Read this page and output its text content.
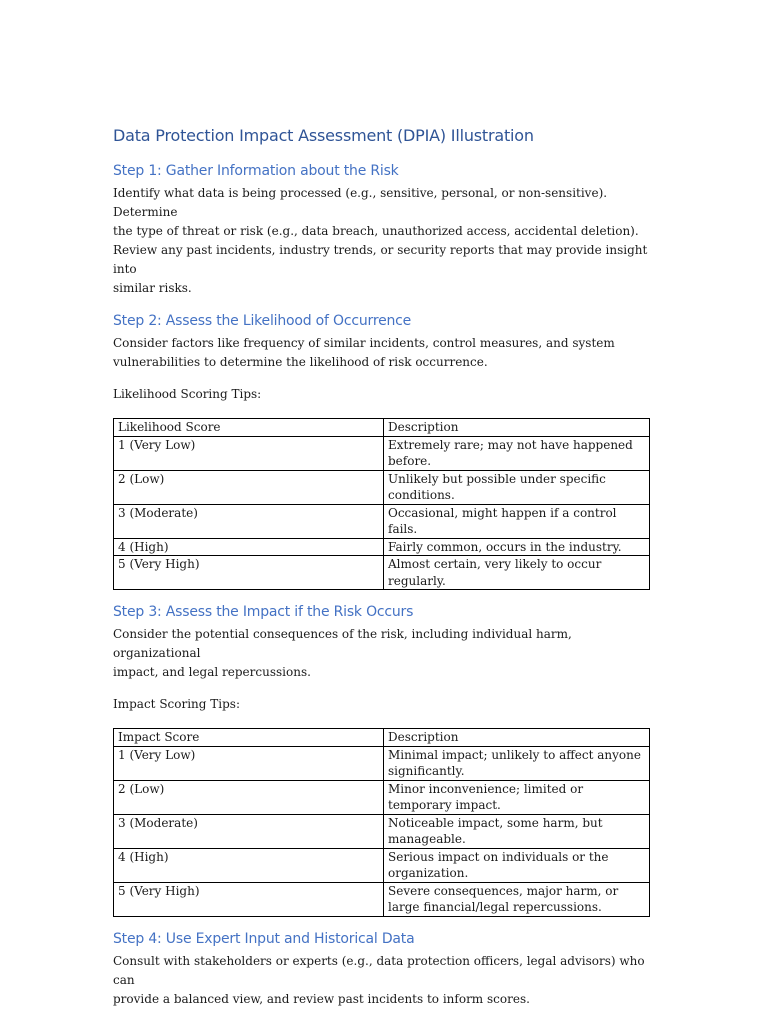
Data Protection Impact Assessment (DPIA) Illustration
Step 1: Gather Information about the Risk

Identify what data is being processed (e.g., sensitive, personal, or non-sensitive). Determine
the type of threat or risk (e.g., data breach, unauthorized access, accidental deletion).
Review any past incidents, industry trends, or security reports that may provide insight into
similar risks.

Step 2: Assess the Likelihood of Occurrence

Consider factors like frequency of similar incidents, control measures, and system
vulnerabilities to determine the likelihood of risk occurrence.

Likelihood Scoring Tips:

Likelihood Score	Description
1 (Very Low)	Extremely rare; may not have happened before.
2 (Low)	Unlikely but possible under specific conditions.
3 (Moderate)	Occasional, might happen if a control fails.
4 (High)	Fairly common, occurs in the industry.
5 (Very High)	Almost certain, very likely to occur regularly.
Step 3: Assess the Impact if the Risk Occurs

Consider the potential consequences of the risk, including individual harm, organizational
impact, and legal repercussions.

Impact Scoring Tips:

Impact Score	Description
1 (Very Low)	Minimal impact; unlikely to affect anyone significantly.
2 (Low)	Minor inconvenience; limited or temporary impact.
3 (Moderate)	Noticeable impact, some harm, but manageable.
4 (High)	Serious impact on individuals or the organization.
5 (Very High)	Severe consequences, major harm, or large financial/legal repercussions.
Step 4: Use Expert Input and Historical Data

Consult with stakeholders or experts (e.g., data protection officers, legal advisors) who can
provide a balanced view, and review past incidents to inform scores.
